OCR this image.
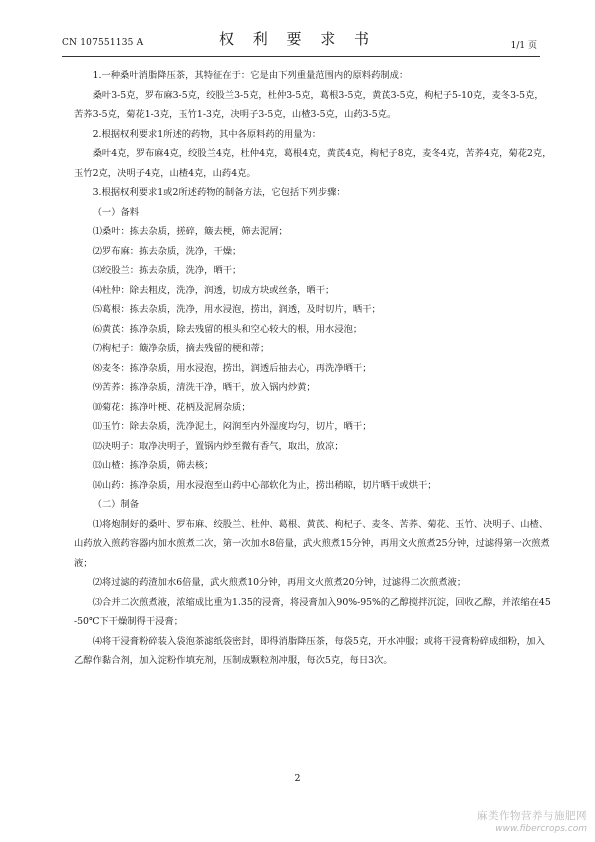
CN 107551135 A	权 利 要 求 书	1/1 页

1.一种桑叶消脂降压茶，其特征在于：它是由下列重量范围内的原料药制成：

桑叶3-5克，罗布麻3-5克，绞股兰3-5克，杜仲3-5克，葛根3-5克，黄芪3-5克，枸杞子5-10克，麦冬3-5克，苦荞3-5克，菊花1-3克，玉竹1-3克，决明子3-5克，山楂3-5克，山药3-5克。

2.根据权利要求1所述的药物，其中各原料药的用量为：

桑叶4克，罗布麻4克，绞股兰4克，杜仲4克，葛根4克，黄芪4克，枸杞子8克，麦冬4克，苦荞4克，菊花2克，玉竹2克，决明子4克，山楂4克，山药4克。

3.根据权利要求1或2所述药物的制备方法，它包括下列步骤：

（一）备料

⑴桑叶：拣去杂质，搓碎，簸去梗，筛去泥屑；

⑵罗布麻：拣去杂质，洗净，干燥；

⑶绞股兰：拣去杂质，洗净，晒干；

⑷杜仲：除去粗皮，洗净，润透，切成方块或丝条，晒干；

⑸葛根：拣去杂质，洗净，用水浸泡，捞出，润透，及时切片，晒干；

⑹黄芪：拣净杂质，除去残留的根头和空心较大的根，用水浸泡；

⑺枸杞子：簸净杂质，摘去残留的梗和蒂；

⑻麦冬：拣净杂质，用水浸泡，捞出，润透后抽去心，再洗净晒干；

⑼苦荞：拣净杂质，清洗干净，晒干，放入锅内炒黄；

⑽菊花：拣净叶梗、花柄及泥屑杂质；

⑾玉竹：除去杂质，洗净泥土，闷润至内外湿度均匀，切片，晒干；

⑿决明子：取净决明子，置锅内炒至微有香气，取出，放凉；

⒀山楂：拣净杂质，筛去核；

⒁山药：拣净杂质，用水浸泡至山药中心部软化为止，捞出稍晾，切片晒干或烘干；

（二）制备

⑴将炮制好的桑叶、罗布麻、绞股兰、杜仲、葛根、黄芪、枸杞子、麦冬、苦荞、菊花、玉竹、决明子、山楂、山药放入煎药容器内加水煎煮二次，第一次加水8倍量，武火煎煮15分钟，再用文火煎煮25分钟，过滤得第一次煎煮液；

⑵将过滤的药渣加水6倍量，武火煎煮10分钟，再用文火煎煮20分钟，过滤得二次煎煮液；

⑶合并二次煎煮液，浓缩成比重为1.35的浸膏，将浸膏加入90%-95%的乙醇搅拌沉淀，回收乙醇，并浓缩在45-50℃下干燥制得干浸膏；

⑷将干浸膏粉碎装入袋泡茶滤纸袋密封，即得消脂降压茶，每袋5克，开水冲服；或将干浸膏粉碎成细粉，加入乙醇作黏合剂，加入淀粉作填充剂，压制成颗粒剂冲服，每次5克，每日3次。

2
麻类作物营养与施肥网
www.fibercrops.com
